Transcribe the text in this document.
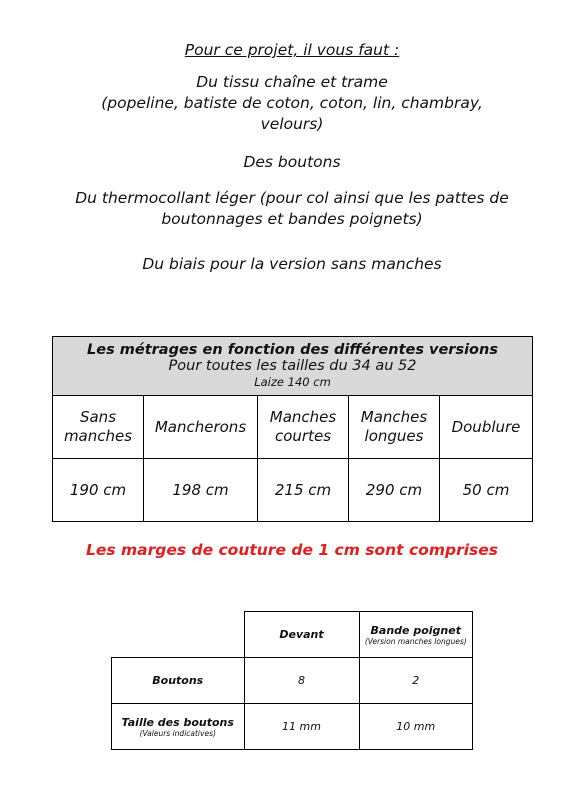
Pour ce projet, il vous faut :

Du tissu chaîne et trame

(popeline, batiste de coton, coton, lin, chambray, velours)

Des boutons

Du thermocollant léger (pour col ainsi que les pattes de boutonnages et bandes poignets)

Du biais pour la version sans manches

Les métrages en fonction des différentes versions
Pour toutes les tailles du 34 au 52
Laize 140 cm				

Sans manches	Mancherons	Manches courtes	Manches longues	Doublure
190 cm	198 cm	215 cm	290 cm	50 cm
Les marges de couture de 1 cm sont comprises
	Devant	Bande poignet
(Version manches longues)

Boutons	8	2
Taille des boutons
(Valeurs indicatives)	11 mm	10 mm
